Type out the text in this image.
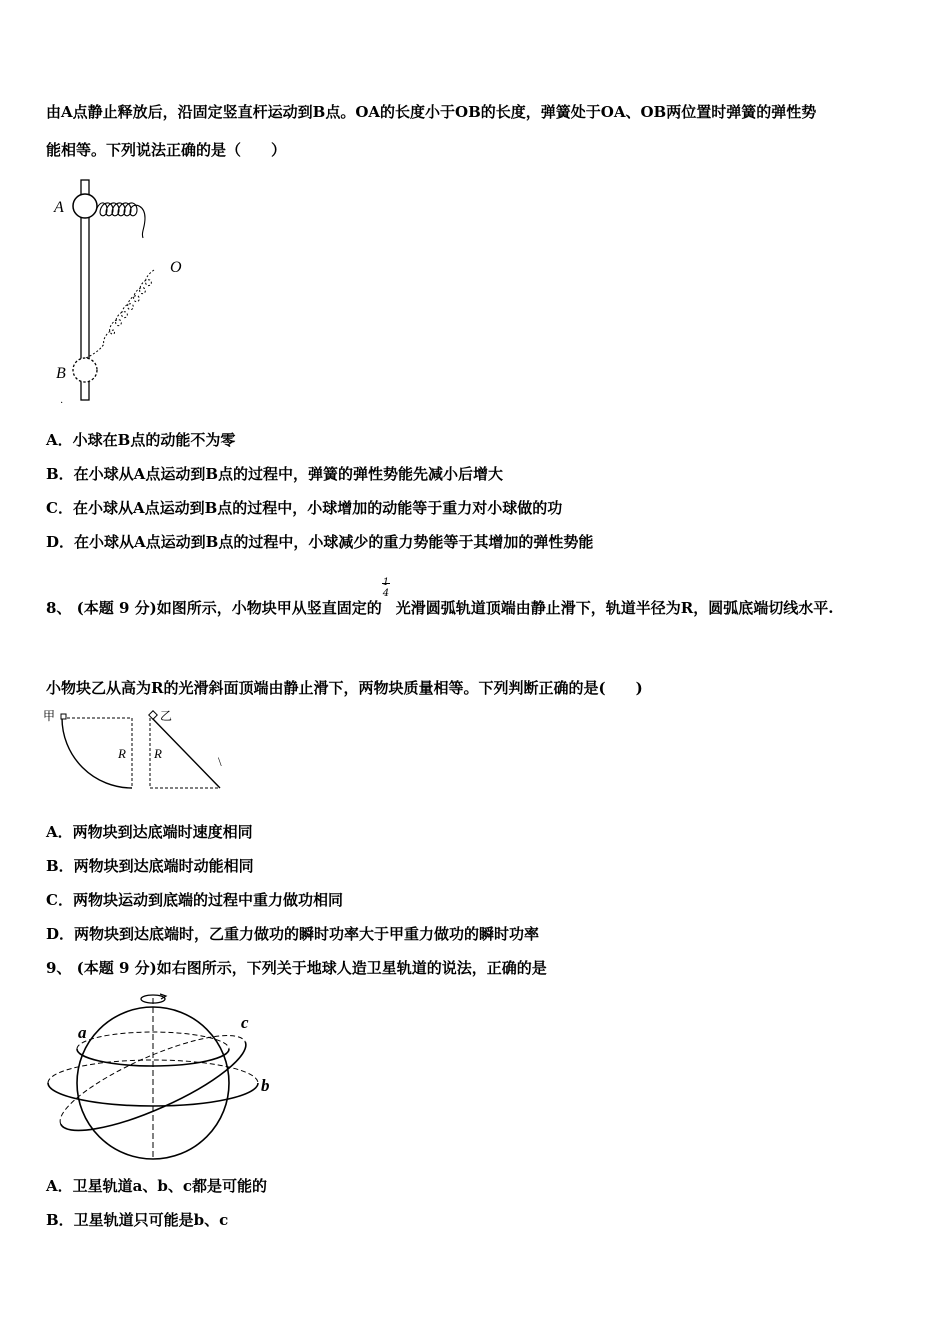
由A点静止释放后，沿固定竖直杆运动到B点。OA的长度小于OB的长度，弹簧处于OA、OB两位置时弹簧的弹性势
能相等。下列说法正确的是（　　）
A
O
B
·
A．小球在B点的动能不为零
B．在小球从A点运动到B点的过程中，弹簧的弹性势能先减小后增大
C．在小球从A点运动到B点的过程中，小球增加的动能等于重力对小球做的功
D．在小球从A点运动到B点的过程中，小球减少的重力势能等于其增加的弹性势能
8、 (本题 9 分)如图所示，小物块甲从竖直固定的
1
4
光滑圆弧轨道顶端由静止滑下，轨道半径为R，圆弧底端切线水平.
小物块乙从高为R的光滑斜面顶端由静止滑下，两物块质量相等。下列判断正确的是(　　)
甲
R
乙
R
\
A．两物块到达底端时速度相同
B．两物块到达底端时动能相同
C．两物块运动到底端的过程中重力做功相同
D．两物块到达底端时，乙重力做功的瞬时功率大于甲重力做功的瞬时功率
9、 (本题 9 分)如右图所示，下列关于地球人造卫星轨道的说法，正确的是
a
b
c
A．卫星轨道a、b、c都是可能的
B．卫星轨道只可能是b、c
